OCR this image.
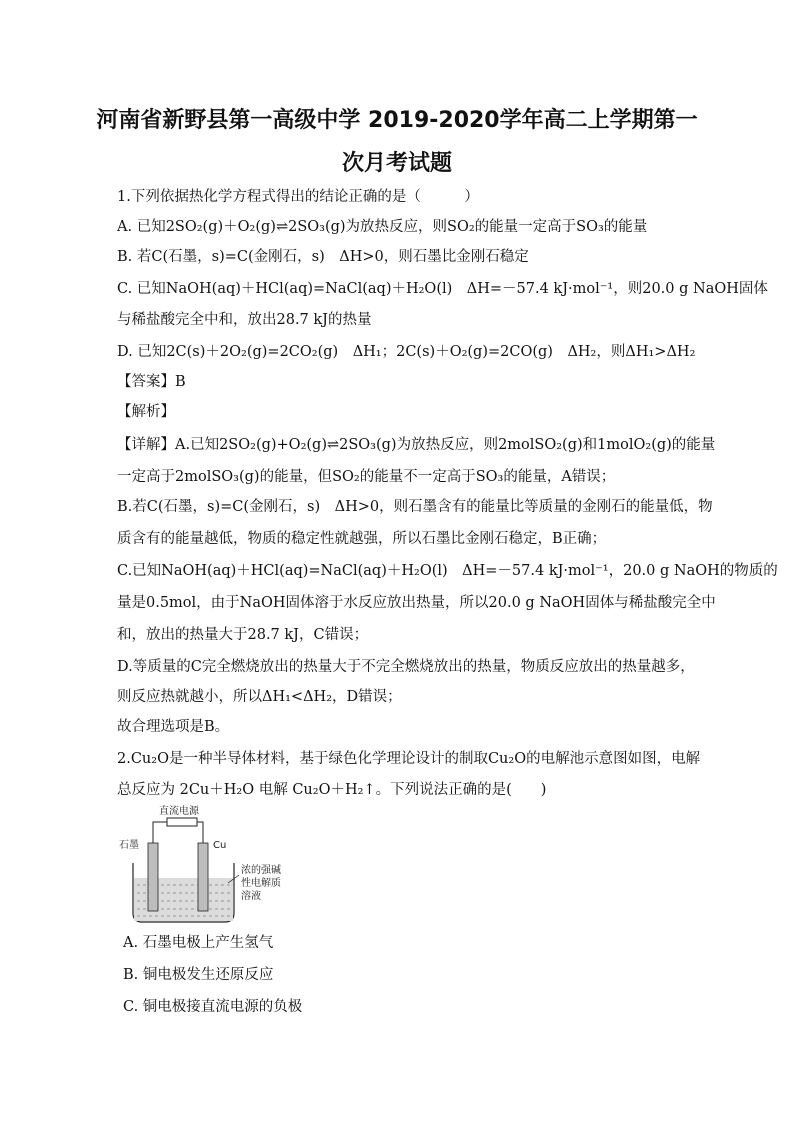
河南省新野县第一高级中学 2019-2020学年高二上学期第一
次月考试题
1.下列依据热化学方程式得出的结论正确的是（　　　）
A. 已知2SO₂(g)＋O₂(g)⇌2SO₃(g)为放热反应，则SO₂的能量一定高于SO₃的能量
B. 若C(石墨，s)=C(金刚石，s)　ΔH>0，则石墨比金刚石稳定
C. 已知NaOH(aq)＋HCl(aq)=NaCl(aq)＋H₂O(l)　ΔH=－57.4 kJ·mol⁻¹，则20.0 g NaOH固体
与稀盐酸完全中和，放出28.7 kJ的热量
D. 已知2C(s)＋2O₂(g)=2CO₂(g)　ΔH₁；2C(s)＋O₂(g)=2CO(g)　ΔH₂，则ΔH₁>ΔH₂
【答案】B
【解析】
【详解】A.已知2SO₂(g)+O₂(g)⇌2SO₃(g)为放热反应，则2molSO₂(g)和1molO₂(g)的能量
一定高于2molSO₃(g)的能量，但SO₂的能量不一定高于SO₃的能量，A错误；
B.若C(石墨，s)=C(金刚石，s)　ΔH>0，则石墨含有的能量比等质量的金刚石的能量低，物
质含有的能量越低，物质的稳定性就越强，所以石墨比金刚石稳定，B正确；
C.已知NaOH(aq)＋HCl(aq)=NaCl(aq)＋H₂O(l)　ΔH=－57.4 kJ·mol⁻¹，20.0 g NaOH的物质的
量是0.5mol，由于NaOH固体溶于水反应放出热量，所以20.0 g NaOH固体与稀盐酸完全中
和，放出的热量大于28.7 kJ，C错误；
D.等质量的C完全燃烧放出的热量大于不完全燃烧放出的热量，物质反应放出的热量越多，
则反应热就越小，所以ΔH₁<ΔH₂，D错误；
故合理选项是B。
2.Cu₂O是一种半导体材料，基于绿色化学理论设计的制取Cu₂O的电解池示意图如图，电解
总反应为 2Cu＋H₂O 电解 Cu₂O＋H₂↑。下列说法正确的是(　　)
直流电源
石墨	Cu
浓的强碱
性电解质
溶液
A. 石墨电极上产生氢气
B. 铜电极发生还原反应
C. 铜电极接直流电源的负极
